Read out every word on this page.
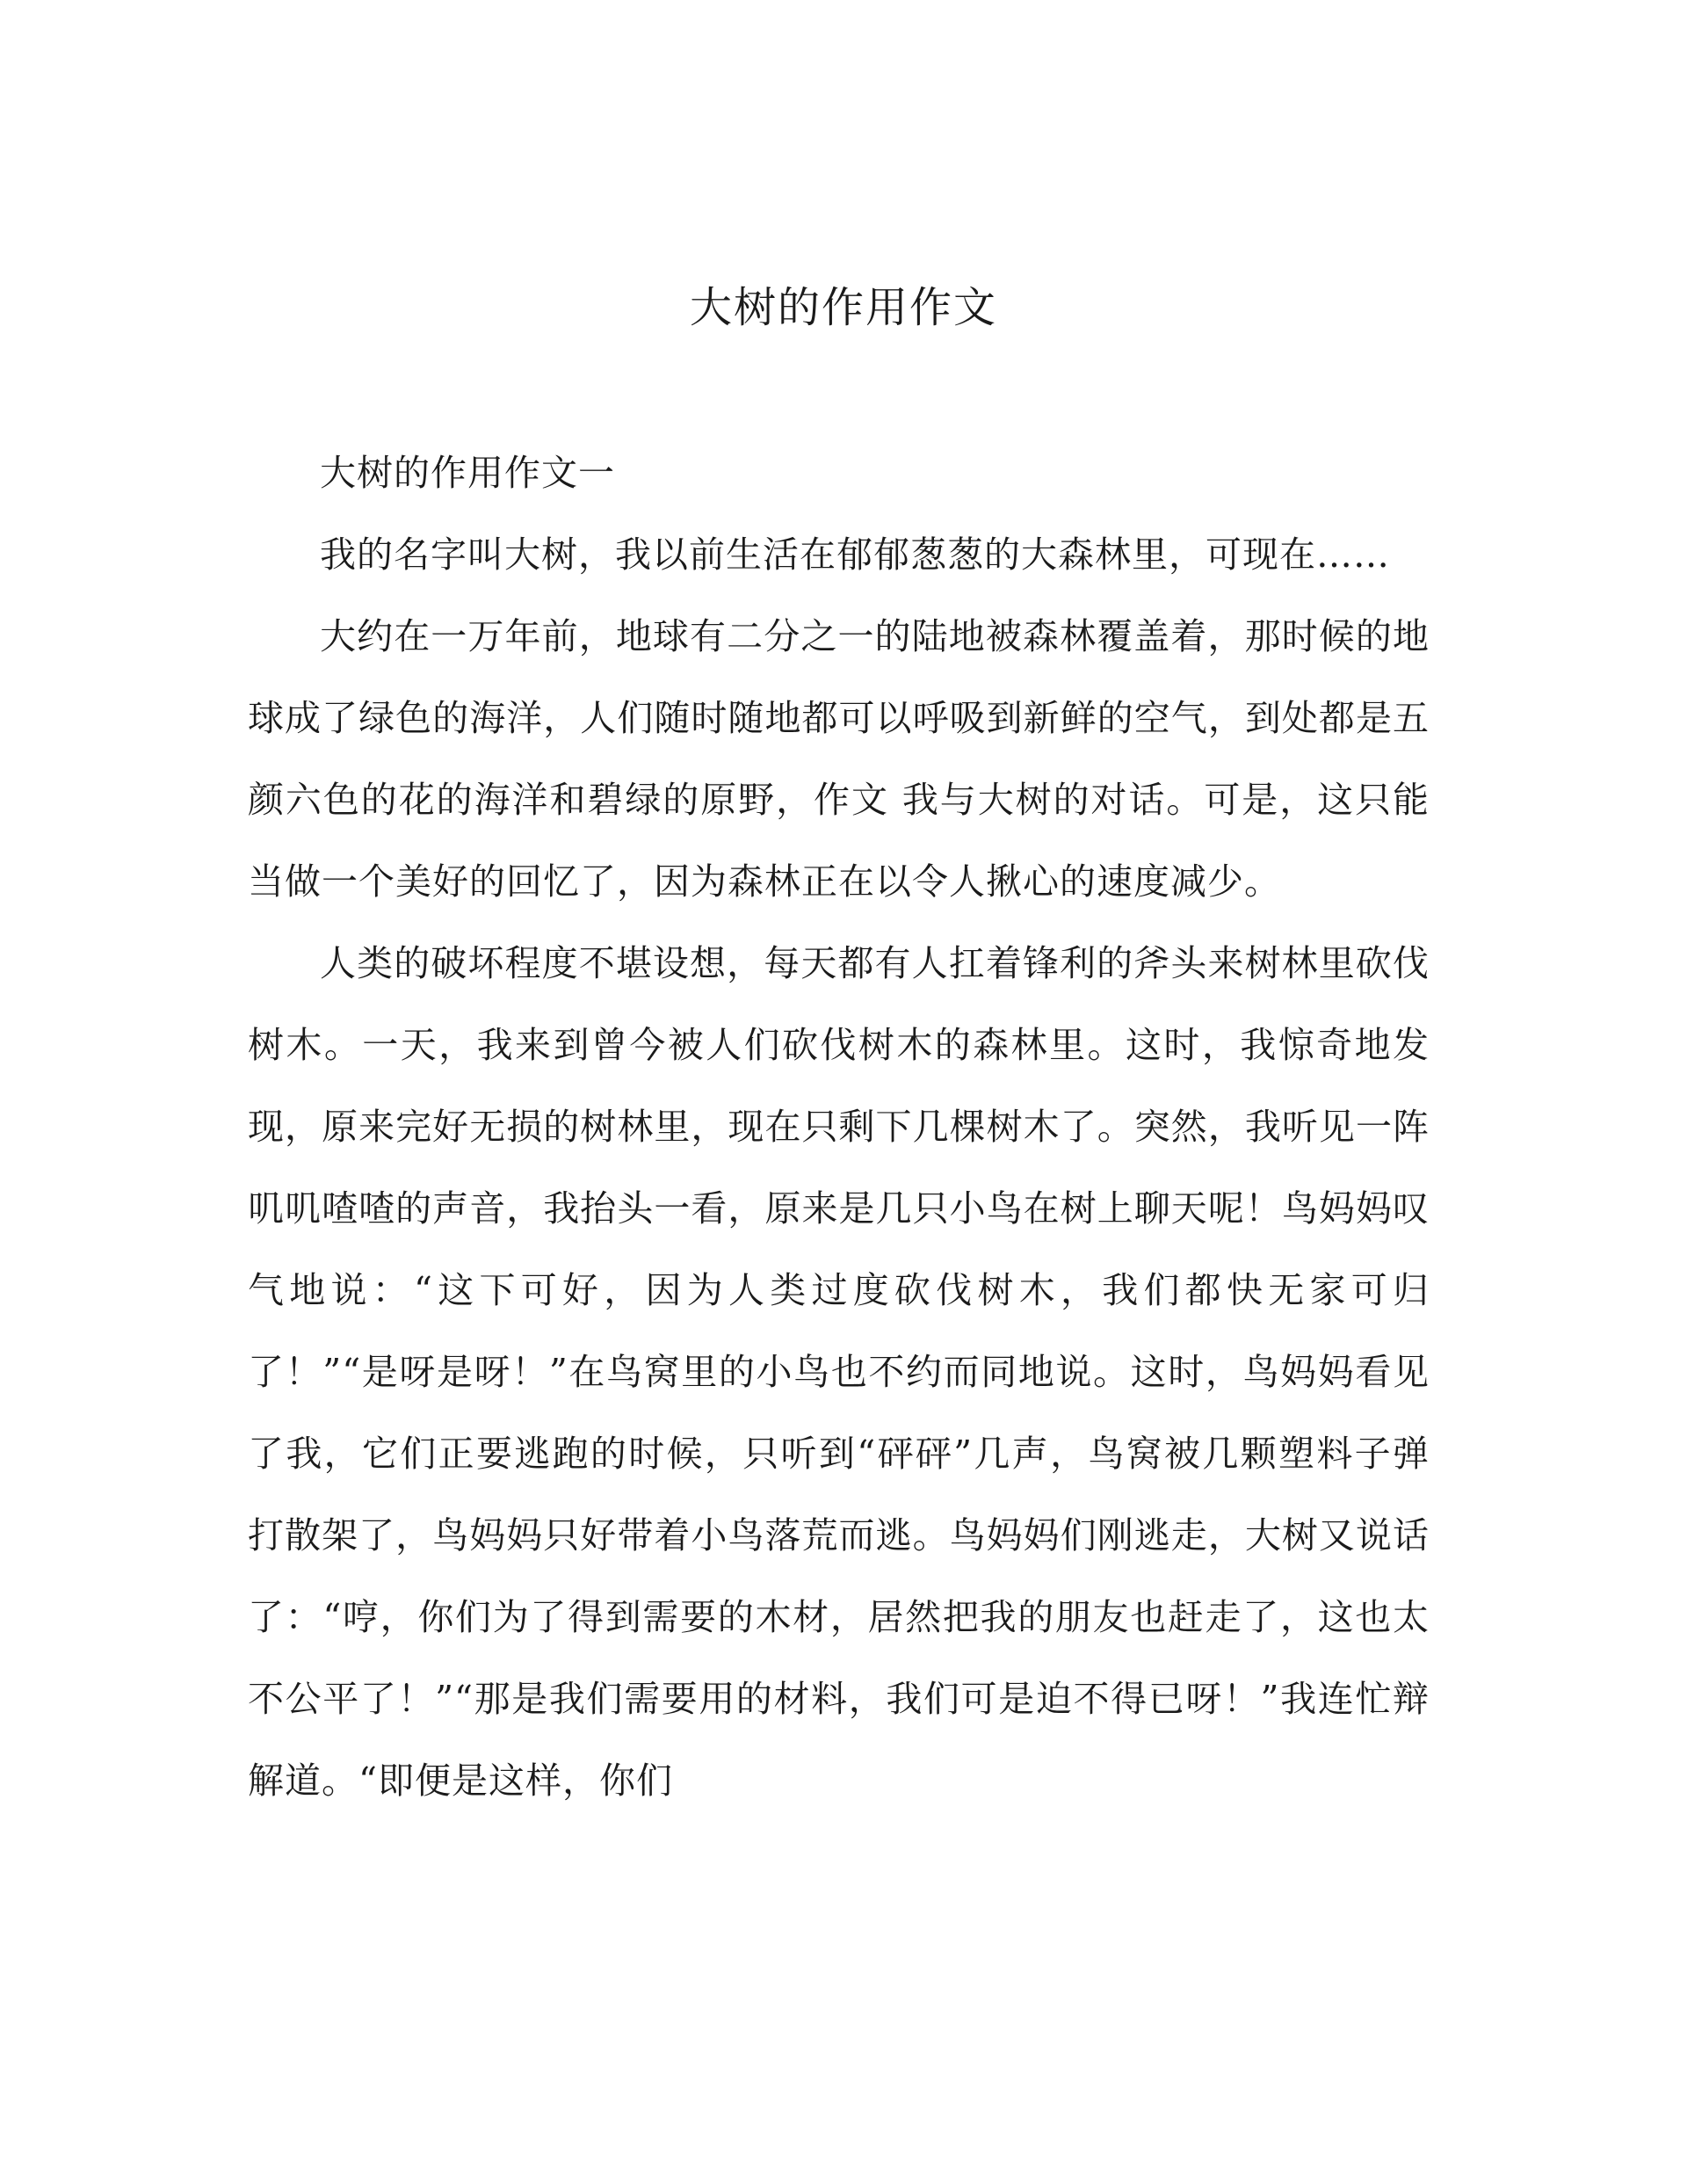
大树的作用作文

大树的作用作文一

我的名字叫大树，我以前生活在郁郁葱葱的大森林里，可现在……

大约在一万年前，地球有二分之一的陆地被森林覆盖着，那时候的地球成了绿色的海洋，人们随时随地都可以呼吸到新鲜的空气，到处都是五颜六色的花的海洋和碧绿的原野，作文 我与大树的对话。可是，这只能当做一个美好的回忆了，因为森林正在以令人揪心的速度减少。

人类的破坏程度不堪设想，每天都有人扛着锋利的斧头来树林里砍伐树木。一天，我来到曾今被人们砍伐树木的森林里。这时，我惊奇地发现，原来完好无损的树林里，现在只剩下几棵树木了。突然，我听见一阵叽叽喳喳的声音，我抬头一看，原来是几只小鸟在树上聊天呢！鸟妈妈叹气地说：“这下可好，因为人类过度砍伐树木，我们都快无家可归了！”“是呀是呀！”在鸟窝里的小鸟也不约而同地说。这时，鸟妈妈看见了我，它们正要逃跑的时候，只听到“砰砰”几声，鸟窝被几颗塑料子弹打散架了，鸟妈妈只好带着小鸟落荒而逃。鸟妈妈们刚逃走，大树又说话了：“哼，你们为了得到需要的木材，居然把我的朋友也赶走了，这也太不公平了！”“那是我们需要用的材料，我们可是迫不得已呀！”我连忙辩解道。“即便是这样，你们
